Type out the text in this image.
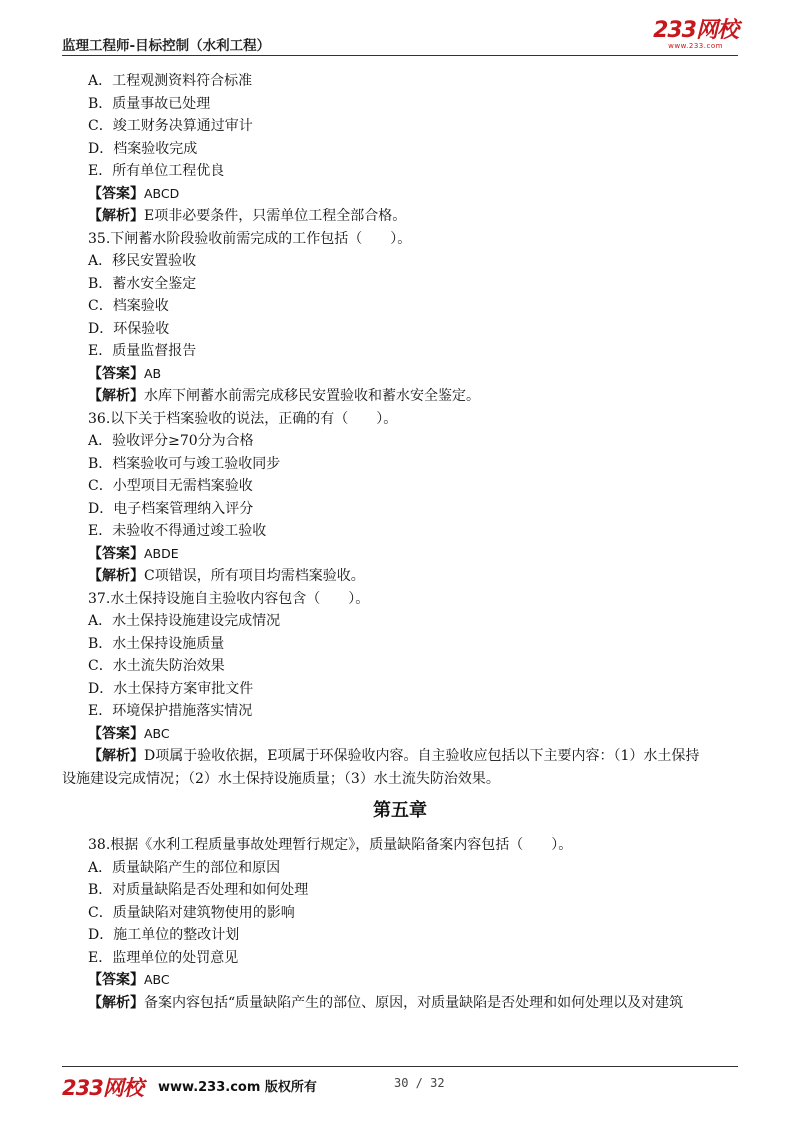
监理工程师-目标控制（水利工程）
233网校
www.233.com
A．工程观测资料符合标准
B．质量事故已处理
C．竣工财务决算通过审计
D．档案验收完成
E．所有单位工程优良
【答案】ABCD
【解析】E项非必要条件，只需单位工程全部合格。
35.下闸蓄水阶段验收前需完成的工作包括（　　）。
A．移民安置验收
B．蓄水安全鉴定
C．档案验收
D．环保验收
E．质量监督报告
【答案】AB
【解析】水库下闸蓄水前需完成移民安置验收和蓄水安全鉴定。
36.以下关于档案验收的说法，正确的有（　　）。
A．验收评分≥70分为合格
B．档案验收可与竣工验收同步
C．小型项目无需档案验收
D．电子档案管理纳入评分
E．未验收不得通过竣工验收
【答案】ABDE
【解析】C项错误，所有项目均需档案验收。
37.水土保持设施自主验收内容包含（　　）。
A．水土保持设施建设完成情况
B．水土保持设施质量
C．水土流失防治效果
D．水土保持方案审批文件
E．环境保护措施落实情况
【答案】ABC
【解析】D项属于验收依据，E项属于环保验收内容。自主验收应包括以下主要内容：（1）水土保持
设施建设完成情况；（2）水土保持设施质量；（3）水土流失防治效果。
第五章
38.根据《水利工程质量事故处理暂行规定》，质量缺陷备案内容包括（　　）。
A．质量缺陷产生的部位和原因
B．对质量缺陷是否处理和如何处理
C．质量缺陷对建筑物使用的影响
D．施工单位的整改计划
E．监理单位的处罚意见
【答案】ABC
【解析】备案内容包括“质量缺陷产生的部位、原因，对质量缺陷是否处理和如何处理以及对建筑
233网校 www.233.com 版权所有	30 / 32
